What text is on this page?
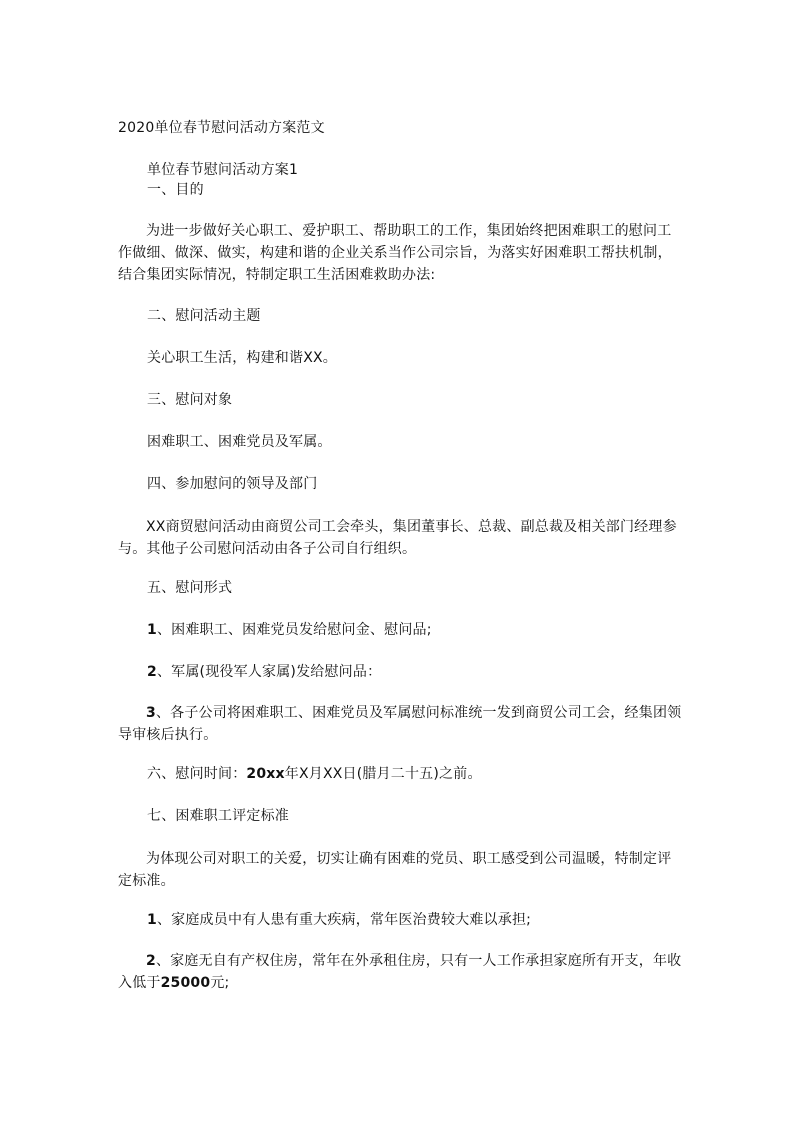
2020单位春节慰问活动方案范文
单位春节慰问活动方案1
一、目的
为进一步做好关心职工、爱护职工、帮助职工的工作，集团始终把困难职工的慰问工作做细、做深、做实，构建和谐的企业关系当作公司宗旨，为落实好困难职工帮扶机制，结合集团实际情况，特制定职工生活困难救助办法:
二、慰问活动主题
关心职工生活，构建和谐XX。
三、慰问对象
困难职工、困难党员及军属。
四、参加慰问的领导及部门
XX商贸慰问活动由商贸公司工会牵头，集团董事长、总裁、副总裁及相关部门经理参与。其他子公司慰问活动由各子公司自行组织。
五、慰问形式
1、困难职工、困难党员发给慰问金、慰问品;
2、军属(现役军人家属)发给慰问品：
3、各子公司将困难职工、困难党员及军属慰问标准统一发到商贸公司工会，经集团领导审核后执行。
六、慰问时间：20xx年X月XX日(腊月二十五)之前。
七、困难职工评定标准
为体现公司对职工的关爱，切实让确有困难的党员、职工感受到公司温暖，特制定评定标准。
1、家庭成员中有人患有重大疾病，常年医治费较大难以承担;
2、家庭无自有产权住房，常年在外承租住房，只有一人工作承担家庭所有开支，年收入低于25000元;
